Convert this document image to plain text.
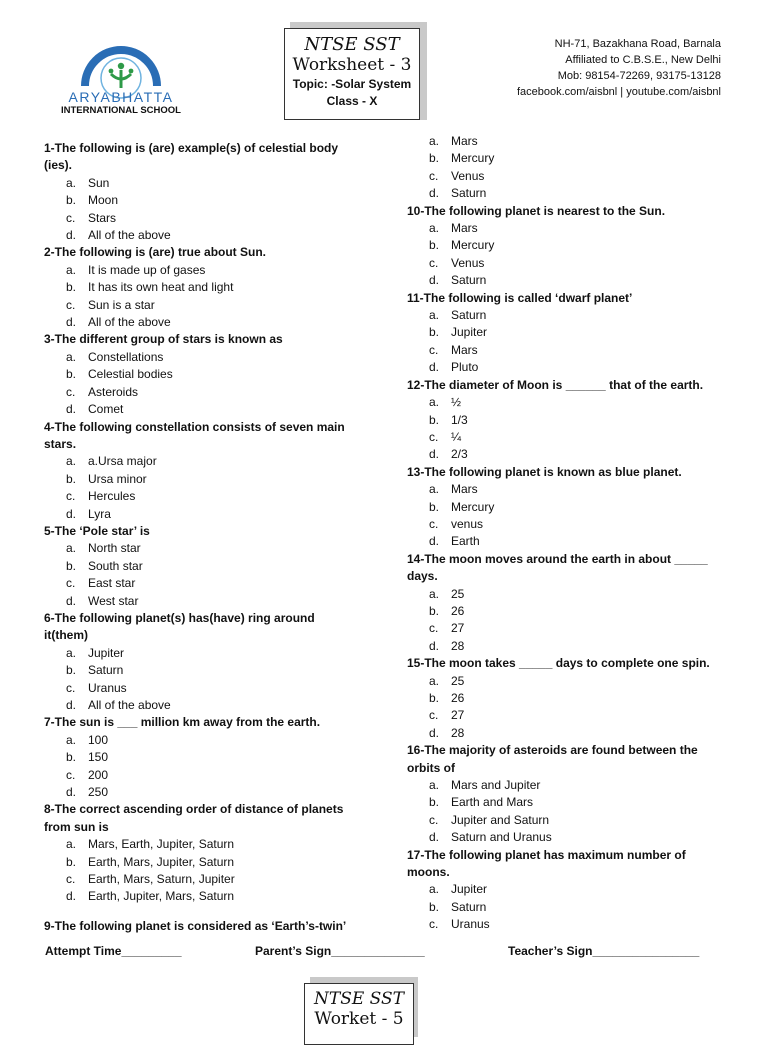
ARYABHATTA
INTERNATIONAL SCHOOL
NTSE SST
Worksheet - 3
Topic: -Solar System
Class - X
NH-71, Bazakhana Road, Barnala
Affiliated to C.B.S.E., New Delhi
Mob: 98154-72269, 93175-13128
facebook.com/aisbnl | youtube.com/aisbnl
1-The following is (are) example(s) of celestial body (ies).
a. Sun
b. Moon
c.	Stars
d. All of the above
2-The following is (are) true about Sun.
a. It is made up of gases
b. It has its own heat and light
c.	Sun is a star
d. All of the above
3-The different group of stars is known as
a. Constellations
b. Celestial bodies
c.	Asteroids
d. Comet
4-The following constellation consists of seven main stars.
a. a.Ursa major
b. Ursa minor
c.	Hercules
d. Lyra
5-The ‘Pole star’ is
a. North star
b. South star
c.	East star
d. West star
6-The following planet(s) has(have) ring around it(them)
a. Jupiter
b. Saturn
c.	Uranus
d. All of the above
7-The sun is ___ million km away from the earth.
a. 100
b. 150
c.	200
d. 250
8-The correct ascending order of distance of planets from sun is
a. Mars, Earth, Jupiter, Saturn
b. Earth, Mars, Jupiter, Saturn
c.	Earth, Mars, Saturn, Jupiter
d. Earth, Jupiter, Mars, Saturn
9-The following planet is considered as ‘Earth’s-twin’
a. Mars
b. Mercury
c.	Venus
d. Saturn
10-The following planet is nearest to the Sun.
a. Mars
b. Mercury
c.	Venus
d. Saturn
11-The following is called ‘dwarf planet’
a. Saturn
b. Jupiter
c.	Mars
d. Pluto
12-The diameter of Moon is ______ that of the earth.
a. ½
b. 1/3
c.	¼
d. 2/3
13-The following planet is known as blue planet.
a. Mars
b. Mercury
c.	venus
d. Earth
14-The moon moves around the earth in about _____ days.
a. 25
b. 26
c.	27
d. 28
15-The moon takes _____ days to complete one spin.
a. 25
b. 26
c.	27
d. 28
16-The majority of asteroids are found between the orbits of
a. Mars and Jupiter
b. Earth and Mars
c.	Jupiter and Saturn
d. Saturn and Uranus
17-The following planet has maximum number of moons.
a. Jupiter
b. Saturn
c.	Uranus
Attempt Time_________	Parent’s Sign______________	Teacher’s Sign________________
NTSE SST
Worket - 5
